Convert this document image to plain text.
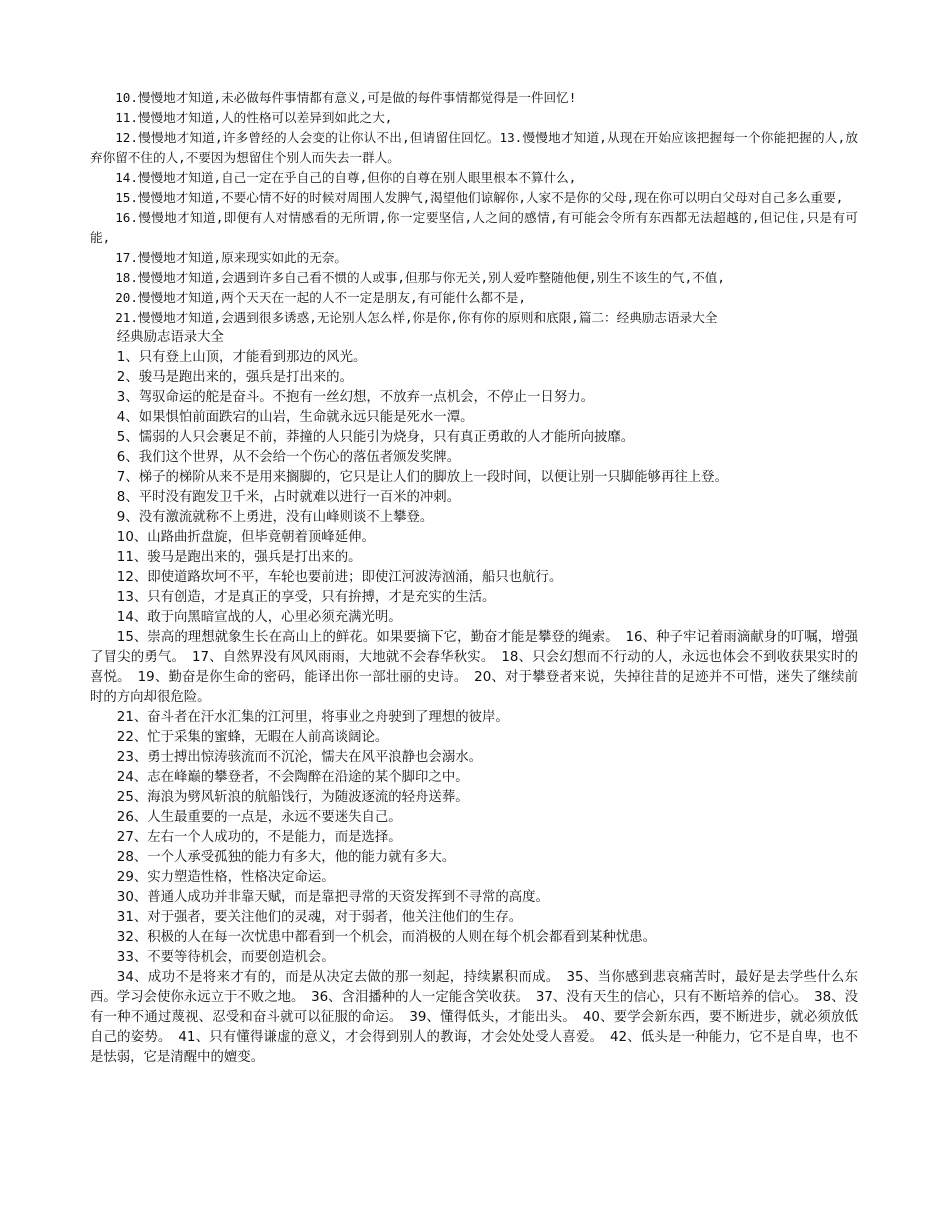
10.慢慢地才知道,未必做每件事情都有意义,可是做的每件事情都觉得是一件回忆!

11.慢慢地才知道,人的性格可以差异到如此之大,

12.慢慢地才知道,许多曾经的人会变的让你认不出,但请留住回忆。13.慢慢地才知道,从现在开始应该把握每一个你能把握的人,放弃你留不住的人,不要因为想留住个别人而失去一群人。

14.慢慢地才知道,自己一定在乎自己的自尊,但你的自尊在别人眼里根本不算什么,

15.慢慢地才知道,不要心情不好的时候对周围人发脾气,渴望他们谅解你,人家不是你的父母,现在你可以明白父母对自己多么重要,

16.慢慢地才知道,即便有人对情感看的无所谓,你一定要坚信,人之间的感情,有可能会令所有东西都无法超越的,但记住,只是有可能,

17.慢慢地才知道,原来现实如此的无奈。

18.慢慢地才知道,会遇到许多自己看不惯的人或事,但那与你无关,别人爱咋整随他便,别生不该生的气,不值,

20.慢慢地才知道,两个天天在一起的人不一定是朋友,有可能什么都不是,

21.慢慢地才知道,会遇到很多诱惑,无论别人怎么样,你是你,你有你的原则和底限,篇二：经典励志语录大全

经典励志语录大全

1、只有登上山顶，才能看到那边的风光。

2、骏马是跑出来的，强兵是打出来的。

3、驾驭命运的舵是奋斗。不抱有一丝幻想，不放弃一点机会，不停止一日努力。

4、如果惧怕前面跌宕的山岩，生命就永远只能是死水一潭。

5、懦弱的人只会裹足不前，莽撞的人只能引为烧身，只有真正勇敢的人才能所向披靡。

6、我们这个世界，从不会给一个伤心的落伍者颁发奖牌。

7、梯子的梯阶从来不是用来搁脚的，它只是让人们的脚放上一段时间，以便让别一只脚能够再往上登。

8、平时没有跑发卫千米，占时就难以进行一百米的冲刺。

9、没有激流就称不上勇进，没有山峰则谈不上攀登。

10、山路曲折盘旋，但毕竟朝着顶峰延伸。

11、骏马是跑出来的，强兵是打出来的。

12、即使道路坎坷不平，车轮也要前进；即使江河波涛汹涌，船只也航行。

13、只有创造，才是真正的享受，只有拚搏，才是充实的生活。

14、敢于向黑暗宣战的人，心里必须充满光明。

15、崇高的理想就象生长在高山上的鲜花。如果要摘下它，勤奋才能是攀登的绳索。　16、种子牢记着雨滴献身的叮嘱，增强了冒尖的勇气。　17、自然界没有风风雨雨，大地就不会春华秋实。　18、只会幻想而不行动的人，永远也体会不到收获果实时的喜悦。　19、勤奋是你生命的密码，能译出你一部壮丽的史诗。　20、对于攀登者来说，失掉往昔的足迹并不可惜，迷失了继续前时的方向却很危险。

21、奋斗者在汗水汇集的江河里，将事业之舟驶到了理想的彼岸。

22、忙于采集的蜜蜂，无暇在人前高谈阔论。

23、勇士搏出惊涛骇流而不沉沦，懦夫在风平浪静也会溺水。

24、志在峰巅的攀登者，不会陶醉在沿途的某个脚印之中。

25、海浪为劈风斩浪的航船饯行，为随波逐流的轻舟送葬。

26、人生最重要的一点是，永远不要迷失自己。

27、左右一个人成功的，不是能力，而是选择。

28、一个人承受孤独的能力有多大，他的能力就有多大。

29、实力塑造性格，性格决定命运。

30、普通人成功并非靠天赋，而是靠把寻常的天资发挥到不寻常的高度。

31、对于强者，要关注他们的灵魂，对于弱者，他关注他们的生存。

32、积极的人在每一次忧患中都看到一个机会，而消极的人则在每个机会都看到某种忧患。

33、不要等待机会，而要创造机会。

34、成功不是将来才有的，而是从决定去做的那一刻起，持续累积而成。　35、当你感到悲哀痛苦时，最好是去学些什么东西。学习会使你永远立于不败之地。　36、含泪播种的人一定能含笑收获。　37、没有天生的信心，只有不断培养的信心。　38、没有一种不通过蔑视、忍受和奋斗就可以征服的命运。　39、懂得低头，才能出头。　40、要学会新东西，要不断进步，就必须放低自己的姿势。　41、只有懂得谦虚的意义，才会得到别人的教诲，才会处处受人喜爱。　42、低头是一种能力，它不是自卑，也不是怯弱，它是清醒中的嬗变。
